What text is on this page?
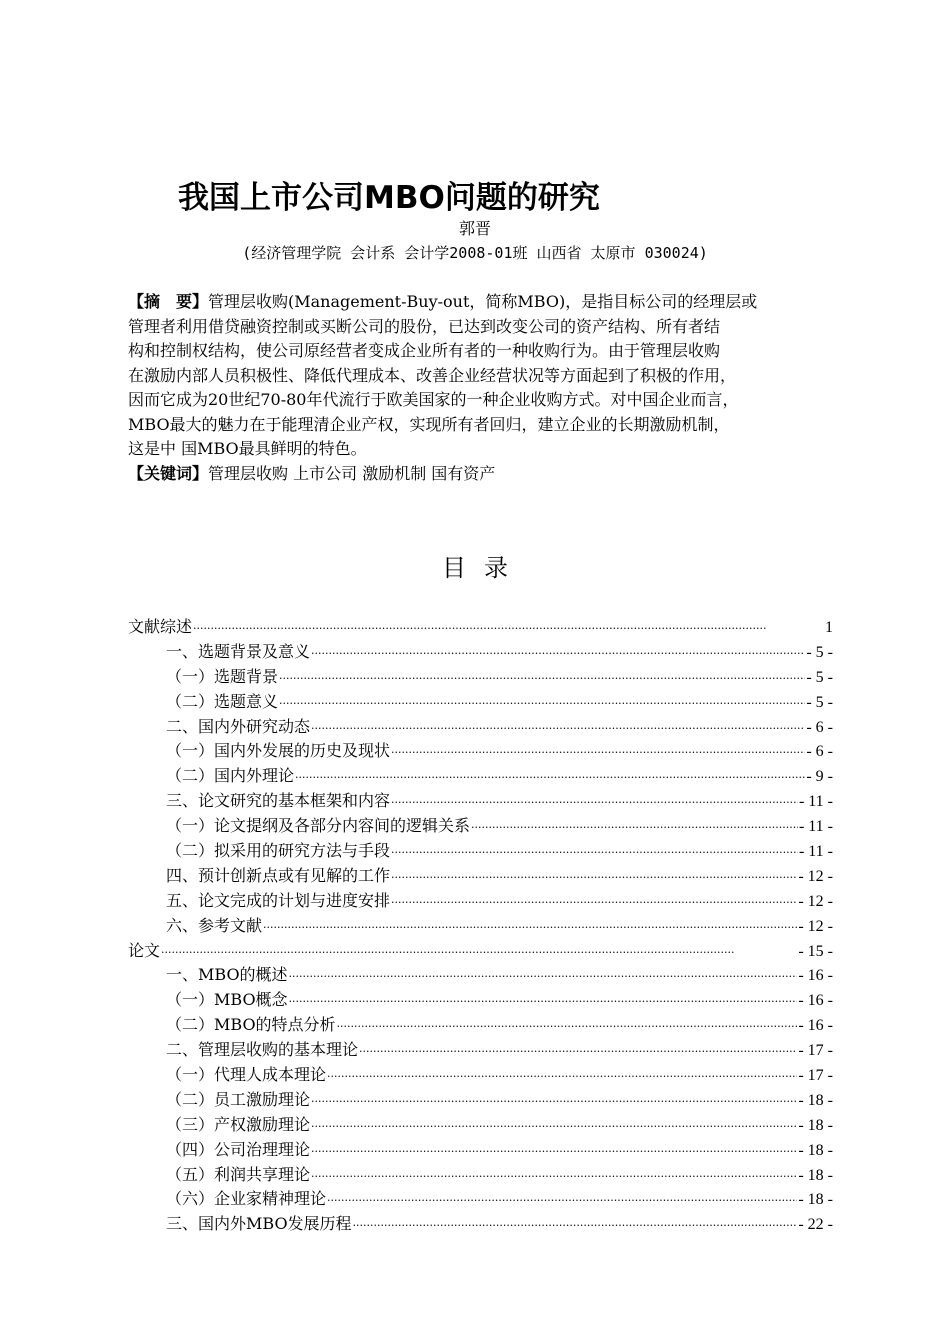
我国上市公司MBO问题的研究
郭晋
(经济管理学院 会计系 会计学2008-01班 山西省 太原市 030024)
【摘　要】管理层收购(Management-Buy-out，简称MBO)，是指目标公司的经理层或
管理者利用借贷融资控制或买断公司的股份，已达到改变公司的资产结构、所有者结
构和控制权结构，使公司原经营者变成企业所有者的一种收购行为。由于管理层收购
在激励内部人员积极性、降低代理成本、改善企业经营状况等方面起到了积极的作用，
因而它成为20世纪70-80年代流行于欧美国家的一种企业收购方式。对中国企业而言，
MBO最大的魅力在于能理清企业产权，实现所有者回归，建立企业的长期激励机制，
这是中 国MBO最具鲜明的特色。
【关键词】管理层收购 上市公司 激励机制 国有资产
目录
文献综述 ·····	1
一、选题背景及意义 ·····	- 5 -
（一）选题背景 ·····	- 5 -
（二）选题意义 ·····	- 5 -
二、国内外研究动态 ·····	- 6 -
（一）国内外发展的历史及现状 ·····	- 6 -
（二）国内外理论 ·····	- 9 -
三、论文研究的基本框架和内容 ·····	- 11 -
（一）论文提纲及各部分内容间的逻辑关系 ·····	- 11 -
（二）拟采用的研究方法与手段 ·····	- 11 -
四、预计创新点或有见解的工作 ·····	- 12 -
五、论文完成的计划与进度安排 ·····	- 12 -
六、参考文献 ·····	- 12 -
论文 ·····	- 15 -
一、MBO的概述 ·····	- 16 -
（一）MBO概念 ·····	- 16 -
（二）MBO的特点分析 ·····	- 16 -
二、管理层收购的基本理论 ·····	- 17 -
（一）代理人成本理论 ·····	- 17 -
（二）员工激励理论 ·····	- 18 -
（三）产权激励理论 ·····	- 18 -
（四）公司治理理论 ·····	- 18 -
（五）利润共享理论 ·····	- 18 -
（六）企业家精神理论 ·····	- 18 -
三、国内外MBO发展历程 ·····	- 22 -
